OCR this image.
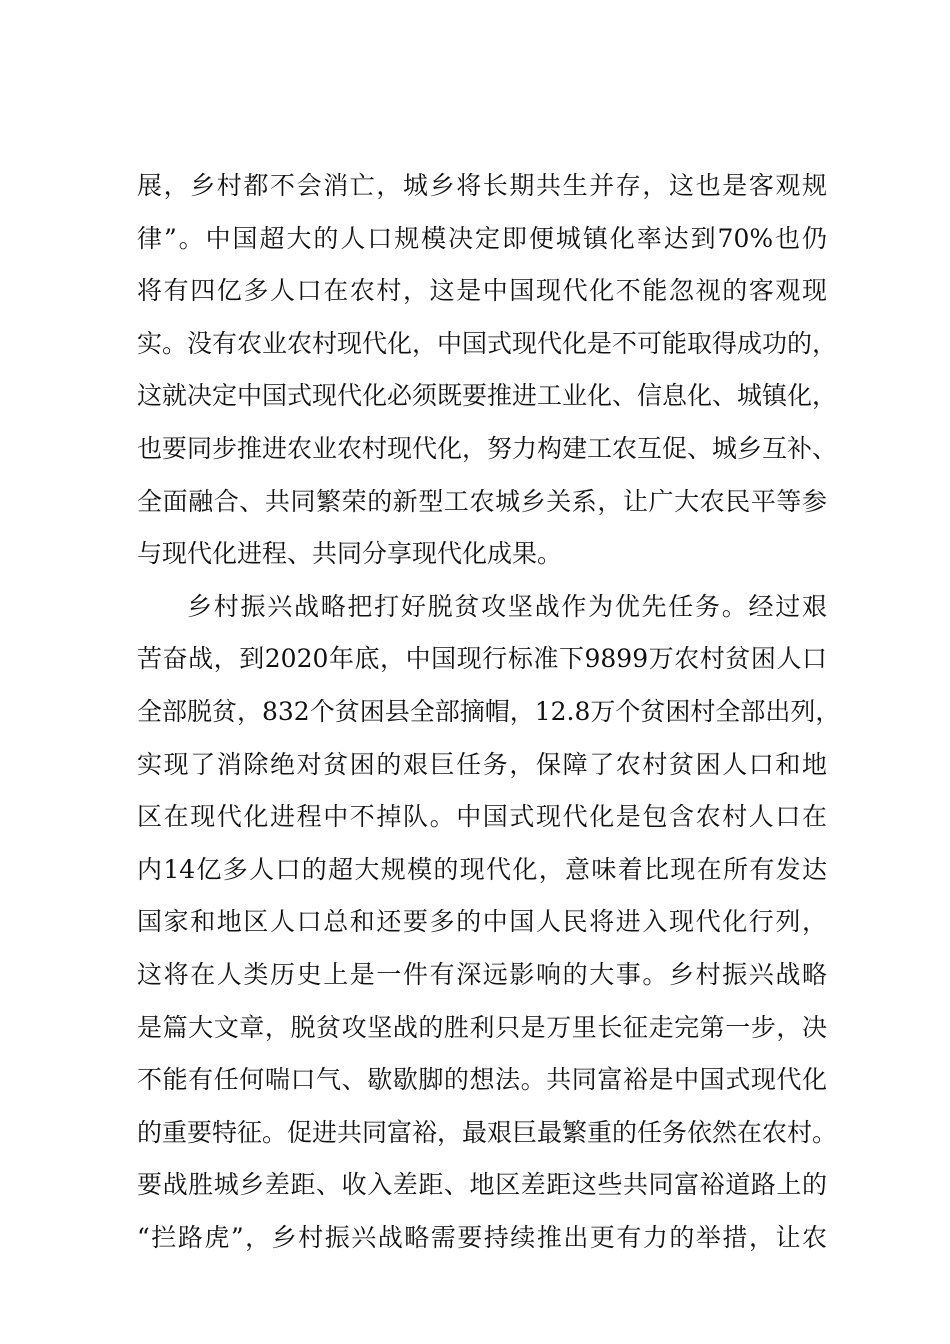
展，乡村都不会消亡，城乡将长期共生并存，这也是客观规
律”。中国超大的人口规模决定即便城镇化率达到70%也仍
将有四亿多人口在农村，这是中国现代化不能忽视的客观现
实。没有农业农村现代化，中国式现代化是不可能取得成功的，
这就决定中国式现代化必须既要推进工业化、信息化、城镇化，
也要同步推进农业农村现代化，努力构建工农互促、城乡互补、
全面融合、共同繁荣的新型工农城乡关系，让广大农民平等参
与现代化进程、共同分享现代化成果。
乡村振兴战略把打好脱贫攻坚战作为优先任务。经过艰
苦奋战，到2020年底，中国现行标准下9899万农村贫困人口
全部脱贫，832个贫困县全部摘帽，12.8万个贫困村全部出列，
实现了消除绝对贫困的艰巨任务，保障了农村贫困人口和地
区在现代化进程中不掉队。中国式现代化是包含农村人口在
内14亿多人口的超大规模的现代化，意味着比现在所有发达
国家和地区人口总和还要多的中国人民将进入现代化行列，
这将在人类历史上是一件有深远影响的大事。乡村振兴战略
是篇大文章，脱贫攻坚战的胜利只是万里长征走完第一步，决
不能有任何喘口气、歇歇脚的想法。共同富裕是中国式现代化
的重要特征。促进共同富裕，最艰巨最繁重的任务依然在农村。
要战胜城乡差距、收入差距、地区差距这些共同富裕道路上的
“拦路虎”，乡村振兴战略需要持续推出更有力的举措，让农
